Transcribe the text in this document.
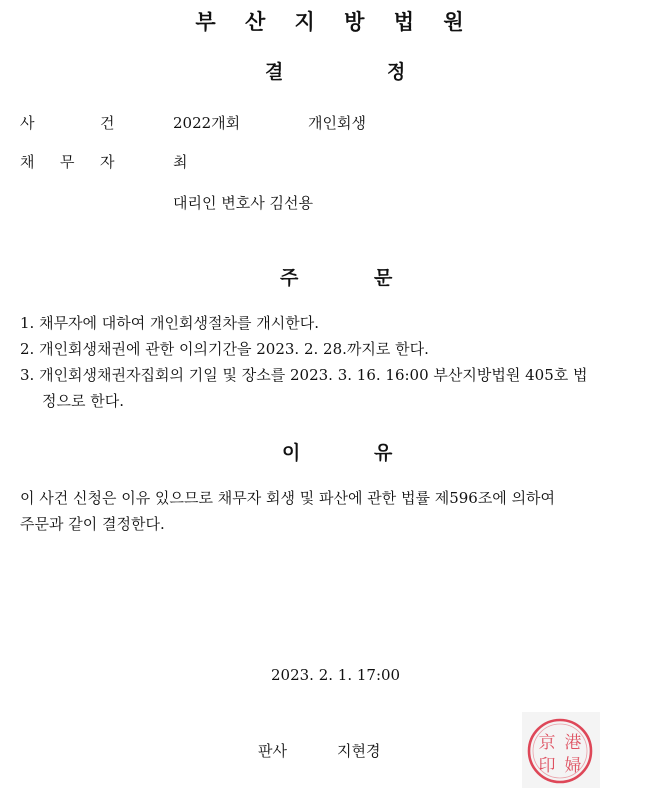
부 산 지 방 법 원
결	정
사	건	2022개회	개인회생
채 무 자	최
대리인 변호사 김선용
주	문
1. 채무자에 대하여 개인회생절차를 개시한다.
2. 개인회생채권에 관한 이의기간을 2023. 2. 28.까지로 한다.
3. 개인회생채권자집회의 기일 및 장소를 2023. 3. 16. 16:00 부산지방법원 405호 법
정으로 한다.
이	유
이 사건 신청은 이유 있으므로 채무자 회생 및 파산에 관한 법률 제596조에 의하여
주문과 같이 결정한다.
2023. 2. 1. 17:00
판사	지현경	京 港
印 婦
